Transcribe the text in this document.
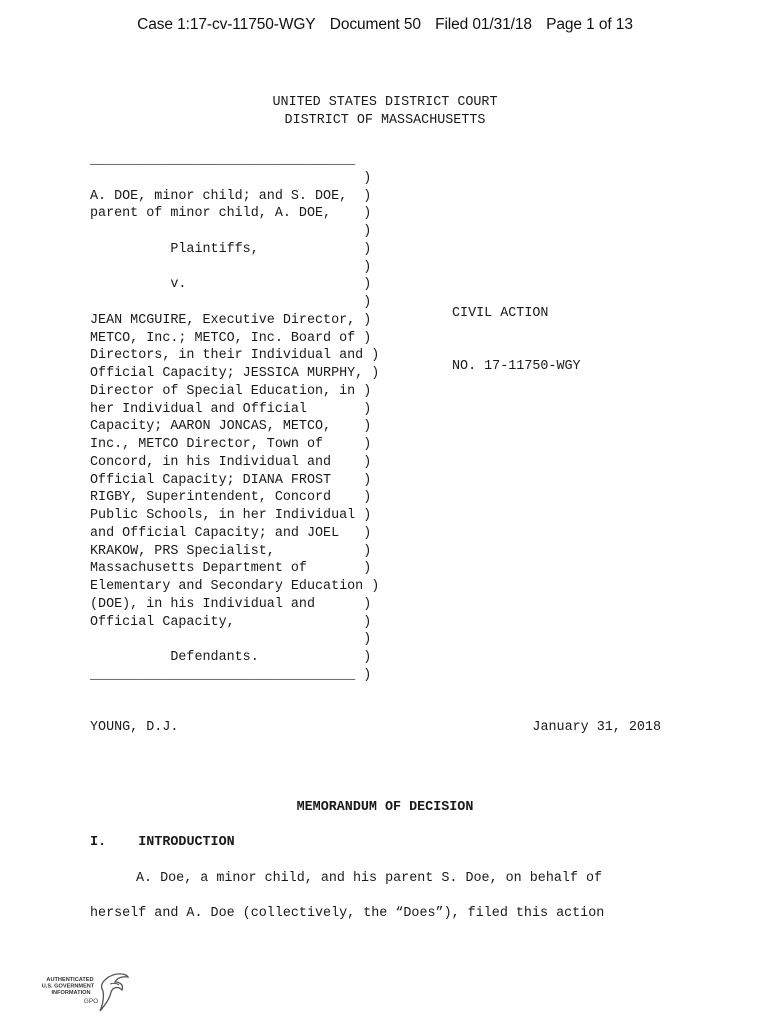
Case 1:17-cv-11750-WGY Document 50 Filed 01/31/18 Page 1 of 13
UNITED STATES DISTRICT COURT
DISTRICT OF MASSACHUSETTS
_________________________________
)
A. DOE, minor child; and S. DOE,  )
parent of minor child, A. DOE,    )
)
Plaintiffs,             )
)
v.                      )
)
JEAN MCGUIRE, Executive Director, )
METCO, Inc.; METCO, Inc. Board of )
Directors, in their Individual and )
Official Capacity; JESSICA MURPHY, )
Director of Special Education, in )
her Individual and Official       )
Capacity; AARON JONCAS, METCO,    )
Inc., METCO Director, Town of     )
Concord, in his Individual and    )
Official Capacity; DIANA FROST    )
RIGBY, Superintendent, Concord    )
Public Schools, in her Individual )
and Official Capacity; and JOEL   )
KRAKOW, PRS Specialist,           )
Massachusetts Department of       )
Elementary and Secondary Education )
(DOE), in his Individual and      )
Official Capacity,                )
)
Defendants.             )
_________________________________ )

CIVIL ACTION

NO. 17-11750-WGY

YOUNG, D.J.	January 31, 2018
MEMORANDUM OF DECISION
I. INTRODUCTION
A. Doe, a minor child, and his parent S. Doe, on behalf of
herself and A. Doe (collectively, the “Does”), filed this action
AUTHENTICATED
U.S. GOVERNMENT
INFORMATION
GPO
